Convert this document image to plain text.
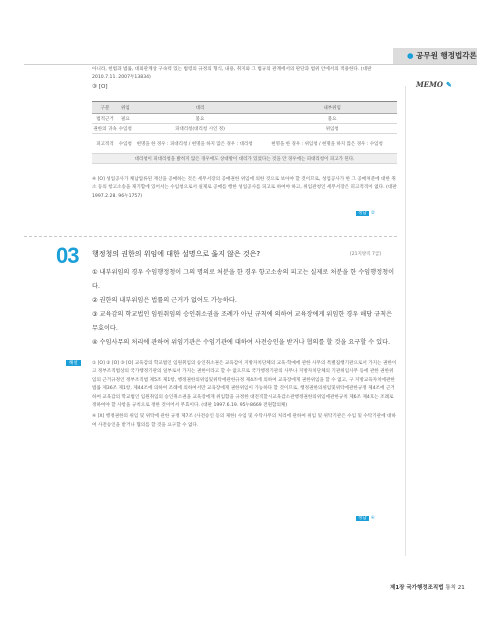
● 공무원 행정법각론
MEMO ✎
아니라, 헌법과 법률, 대외관계상 구속력 있는 법령의 규정의 형식, 내용, 취지와 그 법규의 관계에서의 판단과 범위 안에서의 적용한다. (대판 2010.7.11. 2007두13834)
③ [O]
구분	위임	대리	내부위임
법적근거	필요	불요	불요
권한의 귀속	수임청	피대리청(대리청 시인 정)	위임청
피고적격	수임청	현명을 한 경우 : 피대리청 / 현명을 하지 않은 경우 : 대리청	현명을 한 경우 : 위임청 / 현명을 하지 않은 경우 : 수임청
대리청이 피대리청을 밝히지 않은 경우에도 상대방이 대리가 있었다는 것을 안 경우에는 피대리청이 피고가 된다.			
④ [O] 성업공사가 체납압류된 재산을 공매하는 것은 세무서장의 공매권한 위임에 의한 것으로 보아야 할 것이므로, 성업공사가 한 그 공매처분에 대한 취소 등의 항고소송을 제기함에 있어서는 수임청으로서 실제로 공매를 행한 성업공사를 피고로 하여야 하고, 위임관청인 세무서장은 피고적격이 없다. (대판 1997.2.28. 96누1757)
정답 ②
03 행정청의 권한의 위임에 대한 설명으로 옳지 않은 것은?	[21지방직 7급]

① 내부위임의 경우 수임행정청이 그의 명의로 처분을 한 경우 항고소송의 피고는 실제로 처분을 한 수임행정청이다.

② 권한의 내부위임은 법률의 근거가 없어도 가능하다.

③ 교육감의 학교법인 임원취임의 승인취소권을 조례가 아닌 규칙에 의하여 교육장에게 위임한 경우 해당 규칙은 무효이다.

④ 수임사무의 처리에 관하여 위임기관은 수임기관에 대하여 사전승인을 받거나 협의를 할 것을 요구할 수 있다.

해설	① [O] ② [O] ③ [O] 교육감의 학교법인 임원취임의 승인취소권은 교육감이 지방자치단체의 교육·학예에 관한 사무의 특별집행기관으로서 가지는 권한이고 정부조직법상의 국가행정기관의 일부로서 가지는 권한이라고 할 수 없으므로 국가행정기관의 사무나 지방자치단체의 기관위임사무 등에 관한 권한위임의 근거규정인 정부조직법 제5조 제1항, 행정권한의위임및위탁에관한규정 제4조에 의하여 교육장에게 권한위임을 할 수 없고, 구 지방교육자치에관한법률 제36조 제1항, 제44조에 의하여 조례에 의하여서만 교육장에게 권한위임이 가능하다 할 것이므로, 행정권한의위임및위탁에관한규정 제4조에 근거하여 교육감의 학교법인 임원취임의 승인취소권을 교육장에게 위임함을 규정한 대전직할시교육감소관행정권한의위임에관한규칙 제6조 제4호는 조례로 정하여야 할 사항을 규칙으로 정한 것이어서 무효이다. (대판 1997.6.19. 95누8669 전원합의체)
④ [X] 행정권한의 위임 및 위탁에 관한 규정 제7조 (사전승인 등의 제한) 수임 및 수탁사무의 처리에 관하여 위임 및 위탁기관은 수임 및 수탁기관에 대하여 사전승인을 받거나 협의를 할 것을 요구할 수 없다.
정답 ④
제1장 국가행정조직법 통칙 21
